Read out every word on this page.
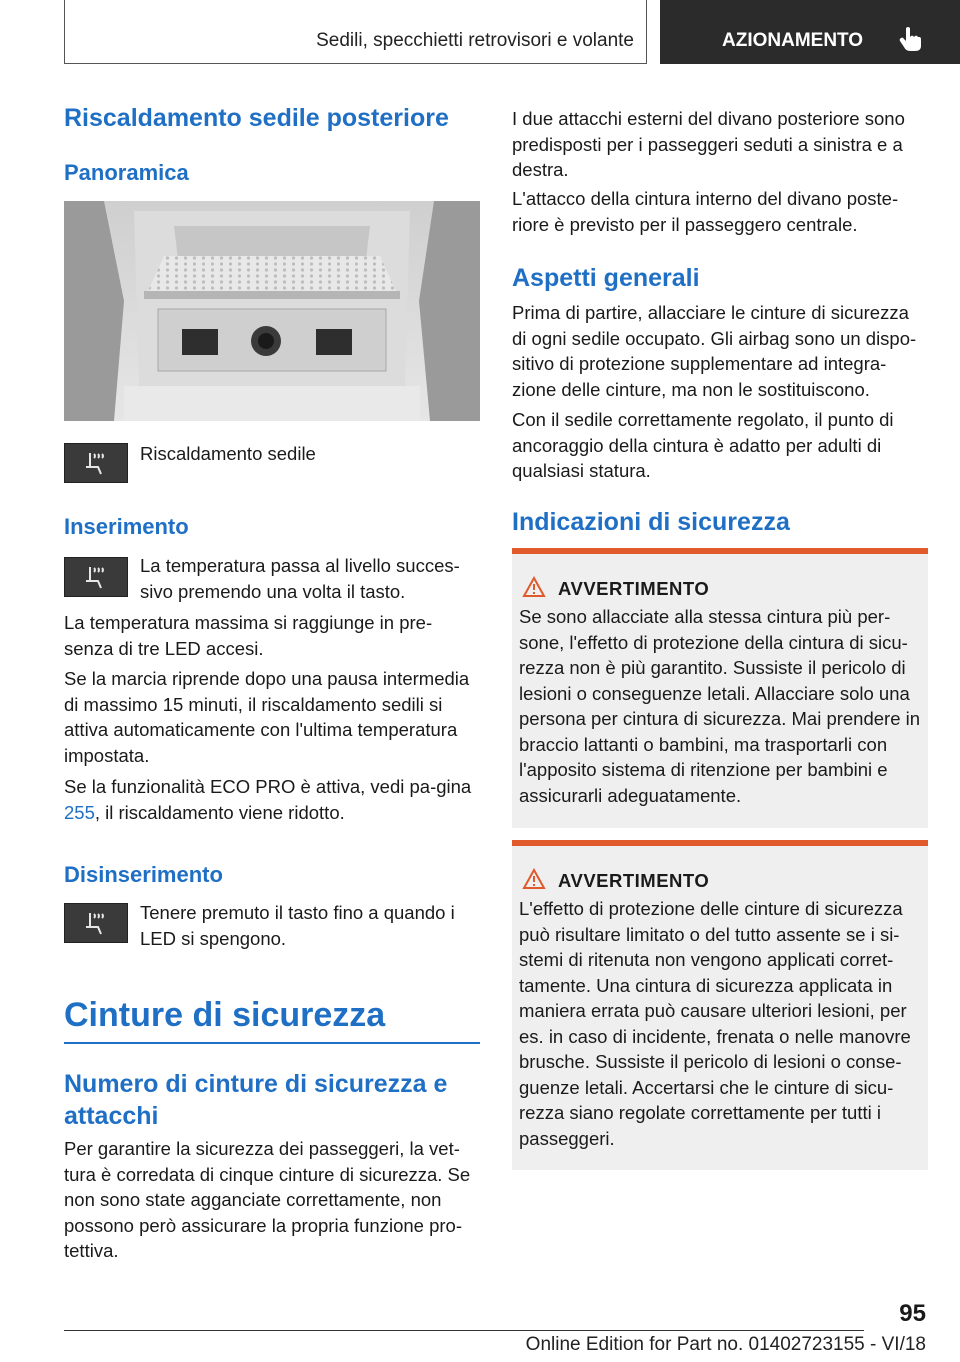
Sedili, specchietti retrovisori e volante	AZIONAMENTO
Riscaldamento sedile posteriore
Panoramica

Riscaldamento sedile

Inserimento

La temperatura passa al livello succes-sivo premendo una volta il tasto.

La temperatura massima si raggiunge in pre-senza di tre LED accesi.

Se la marcia riprende dopo una pausa intermedia di massimo 15 minuti, il riscaldamento sedili si attiva automaticamente con l'ultima temperatura impostata.

Se la funzionalità ECO PRO è attiva, vedi pa-gina 255, il riscaldamento viene ridotto.

Disinserimento

Tenere premuto il tasto fino a quando i LED si spengono.

Cinture di sicurezza
Numero di cinture di sicurezza e attacchi

Per garantire la sicurezza dei passeggeri, la vet-tura è corredata di cinque cinture di sicurezza. Se non sono state agganciate correttamente, non possono però assicurare la propria funzione pro-tettiva.

I due attacchi esterni del divano posteriore sono predisposti per i passeggeri seduti a sinistra e a destra.

L'attacco della cintura interno del divano poste-riore è previsto per il passeggero centrale.

Aspetti generali

Prima di partire, allacciare le cinture di sicurezza di ogni sedile occupato. Gli airbag sono un dispo-sitivo di protezione supplementare ad integra-zione delle cinture, ma non le sostituiscono.

Con il sedile correttamente regolato, il punto di ancoraggio della cintura è adatto per adulti di qualsiasi statura.

Indicazioni di sicurezza
AVVERTIMENTO
Se sono allacciate alla stessa cintura più per-sone, l'effetto di protezione della cintura di sicu-rezza non è più garantito. Sussiste il pericolo di lesioni o conseguenze letali. Allacciare solo una persona per cintura di sicurezza. Mai prendere in braccio lattanti o bambini, ma trasportarli con l'apposito sistema di ritenzione per bambini e assicurarli adeguatamente.
AVVERTIMENTO
L'effetto di protezione delle cinture di sicurezza può risultare limitato o del tutto assente se i si-stemi di ritenuta non vengono applicati corret-tamente. Una cintura di sicurezza applicata in maniera errata può causare ulteriori lesioni, per es. in caso di incidente, frenata o nelle manovre brusche. Sussiste il pericolo di lesioni o conse-guenze letali. Accertarsi che le cinture di sicu-rezza siano regolate correttamente per tutti i passeggeri.
95
Online Edition for Part no. 01402723155 - VI/18
